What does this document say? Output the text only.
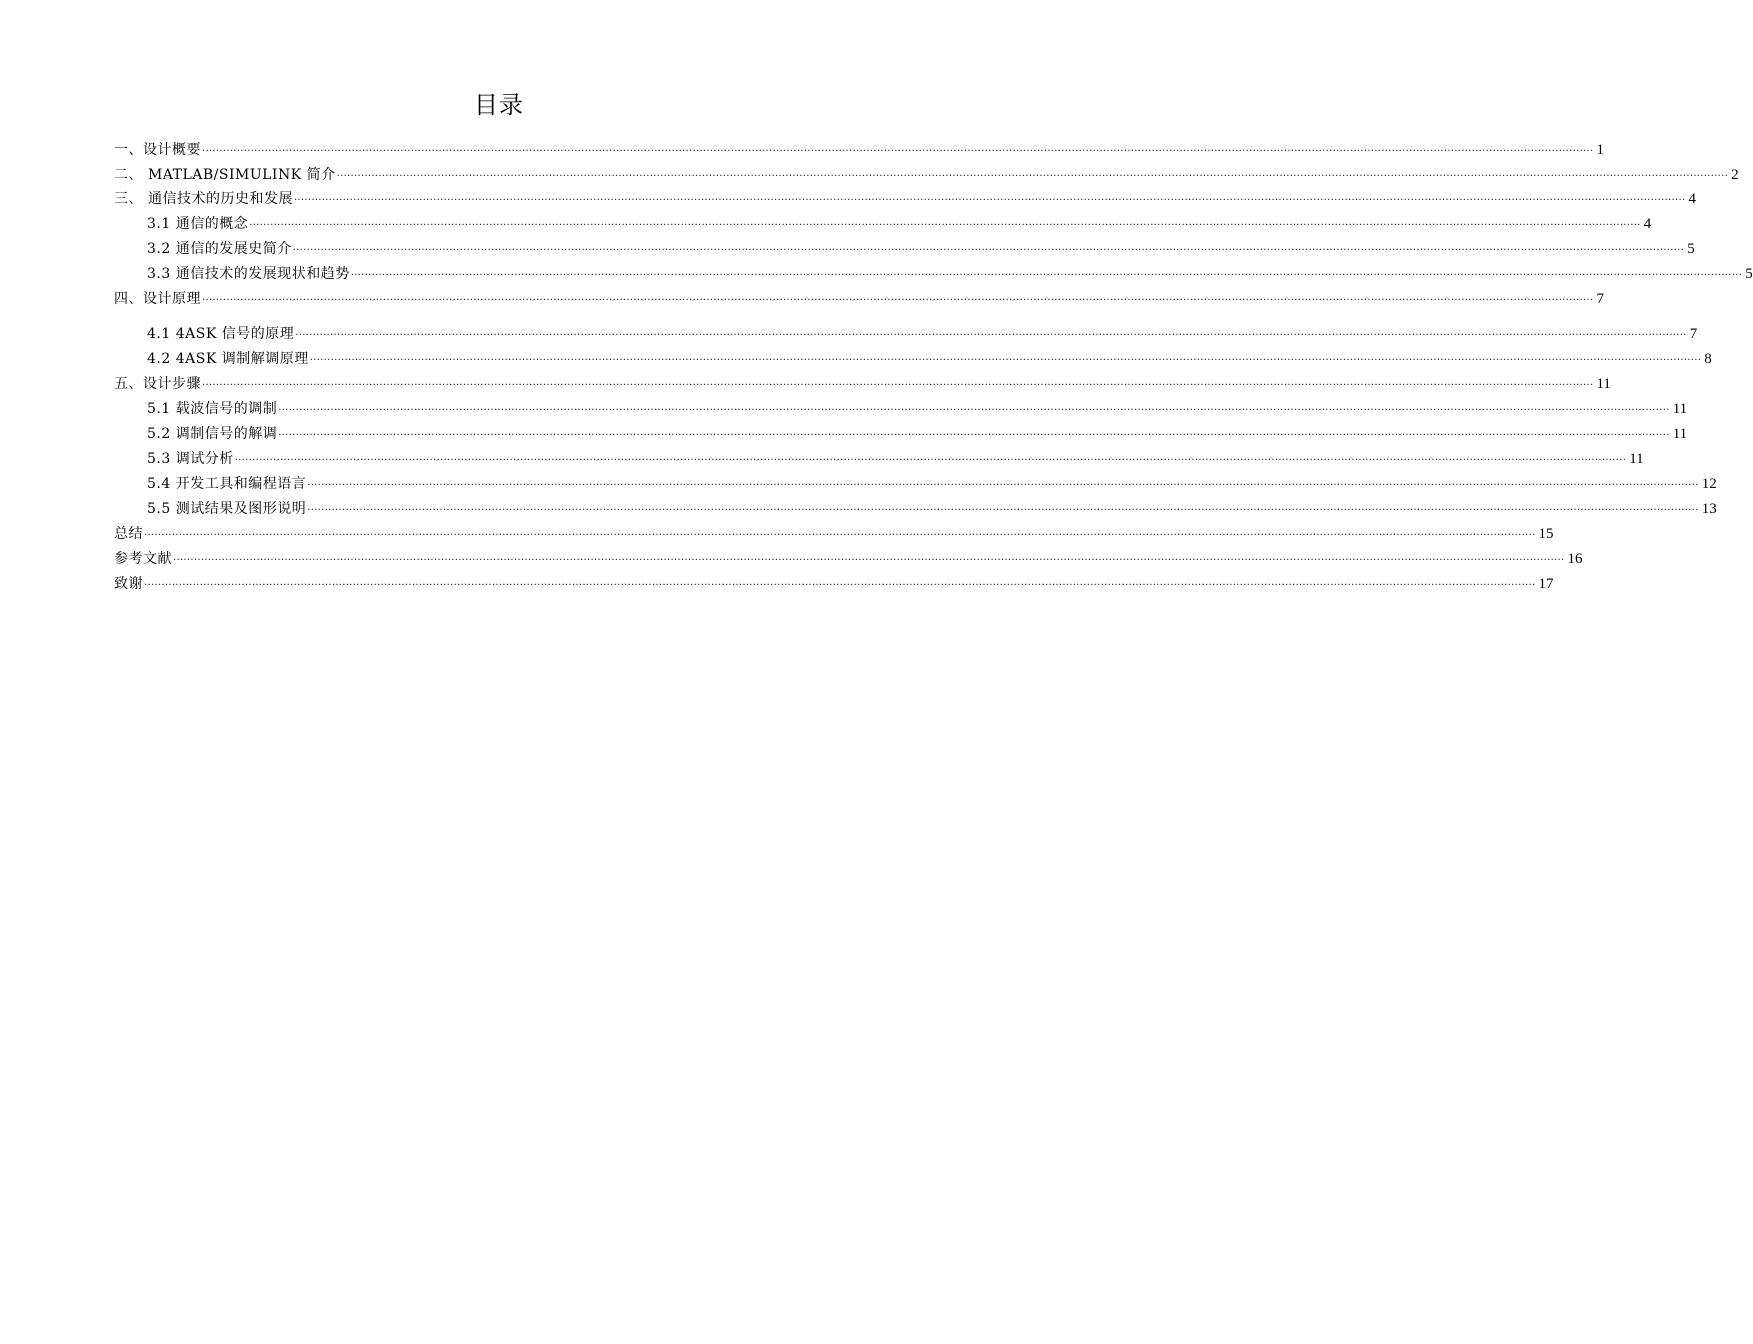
目录
一、设计概要 ................................................................................................................................................................................................................................................................................................................................................................................................................ 1
二、 MATLAB/SIMULINK 简介 ................................................................................................................................................................................................................................................................................................................................................................................................................ 2
三、 通信技术的历史和发展 ................................................................................................................................................................................................................................................................................................................................................................................................................ 4
3.1 通信的概念 ................................................................................................................................................................................................................................................................................................................................................................................................................ 4
3.2 通信的发展史简介 ................................................................................................................................................................................................................................................................................................................................................................................................................ 5
3.3 通信技术的发展现状和趋势 ................................................................................................................................................................................................................................................................................................................................................................................................................ 5
四、设计原理 ................................................................................................................................................................................................................................................................................................................................................................................................................ 7
4.1 4ASK 信号的原理 ................................................................................................................................................................................................................................................................................................................................................................................................................ 7
4.2 4ASK 调制解调原理 ................................................................................................................................................................................................................................................................................................................................................................................................................ 8
五、设计步骤 ................................................................................................................................................................................................................................................................................................................................................................................................................ 11
5.1 载波信号的调制 ................................................................................................................................................................................................................................................................................................................................................................................................................ 11
5.2 调制信号的解调 ................................................................................................................................................................................................................................................................................................................................................................................................................ 11
5.3 调试分析 ................................................................................................................................................................................................................................................................................................................................................................................................................ 11
5.4 开发工具和编程语言 ................................................................................................................................................................................................................................................................................................................................................................................................................ 12
5.5 测试结果及图形说明 ................................................................................................................................................................................................................................................................................................................................................................................................................ 13
总结 ................................................................................................................................................................................................................................................................................................................................................................................................................ 15
参考文献 ................................................................................................................................................................................................................................................................................................................................................................................................................ 16
致谢 ................................................................................................................................................................................................................................................................................................................................................................................................................ 17
